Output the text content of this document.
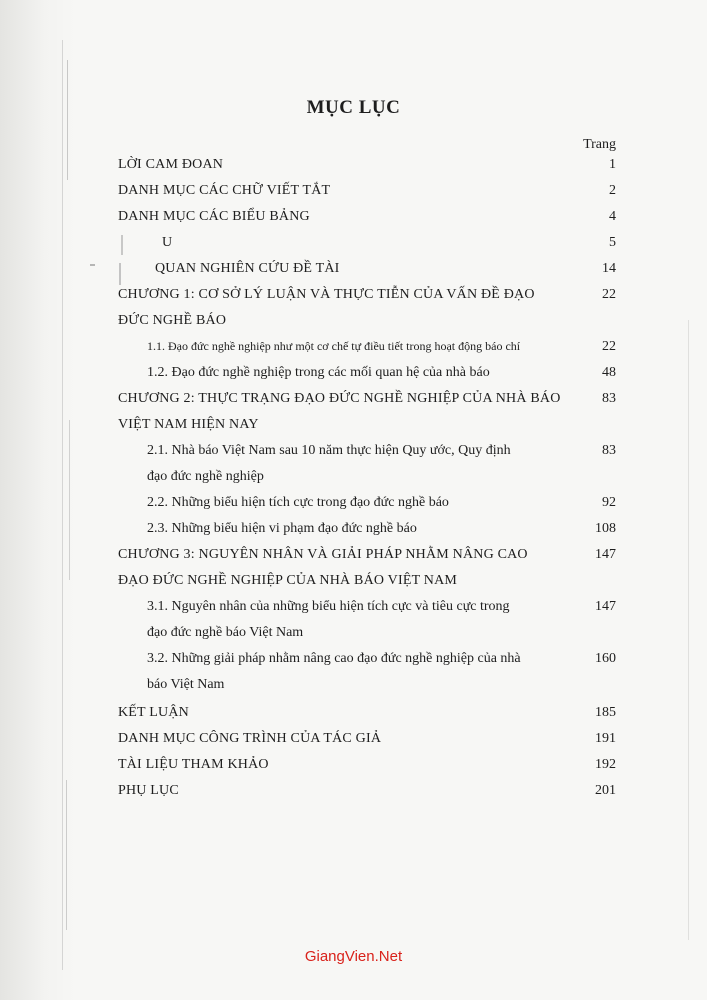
MỤC LỤC
Trang
LỜI CAM ĐOAN	1
DANH MỤC CÁC CHỮ VIẾT TẮT	2
DANH MỤC CÁC BIỂU BẢNG	4
U	5
QUAN NGHIÊN CỨU ĐỀ TÀI	14
CHƯƠNG 1: CƠ SỞ LÝ LUẬN VÀ THỰC TIỄN CỦA VẤN ĐỀ ĐẠO	22
ĐỨC NGHỀ BÁO
1.1. Đạo đức nghề nghiệp như một cơ chế tự điều tiết trong hoạt động báo chí	22
1.2. Đạo đức nghề nghiệp trong các mối quan hệ của nhà báo	48
CHƯƠNG 2: THỰC TRẠNG ĐẠO ĐỨC NGHỀ NGHIỆP CỦA NHÀ BÁO	83
VIỆT NAM HIỆN NAY
2.1. Nhà báo Việt Nam sau 10 năm thực hiện Quy ước, Quy định	83
đạo đức nghề nghiệp
2.2. Những biểu hiện tích cực trong đạo đức nghề báo	92
2.3. Những biểu hiện vi phạm đạo đức nghề báo	108
CHƯƠNG 3: NGUYÊN NHÂN VÀ GIẢI PHÁP NHẰM NÂNG CAO	147
ĐẠO ĐỨC NGHỀ NGHIỆP CỦA NHÀ BÁO VIỆT NAM
3.1. Nguyên nhân của những biểu hiện tích cực và tiêu cực trong	147
đạo đức nghề báo Việt Nam
3.2. Những giải pháp nhằm nâng cao đạo đức nghề nghiệp của nhà	160
báo Việt Nam
KẾT LUẬN	185
DANH MỤC CÔNG TRÌNH CỦA TÁC GIẢ	191
TÀI LIỆU THAM KHẢO	192
PHỤ LỤC	201
GiangVien.Net
